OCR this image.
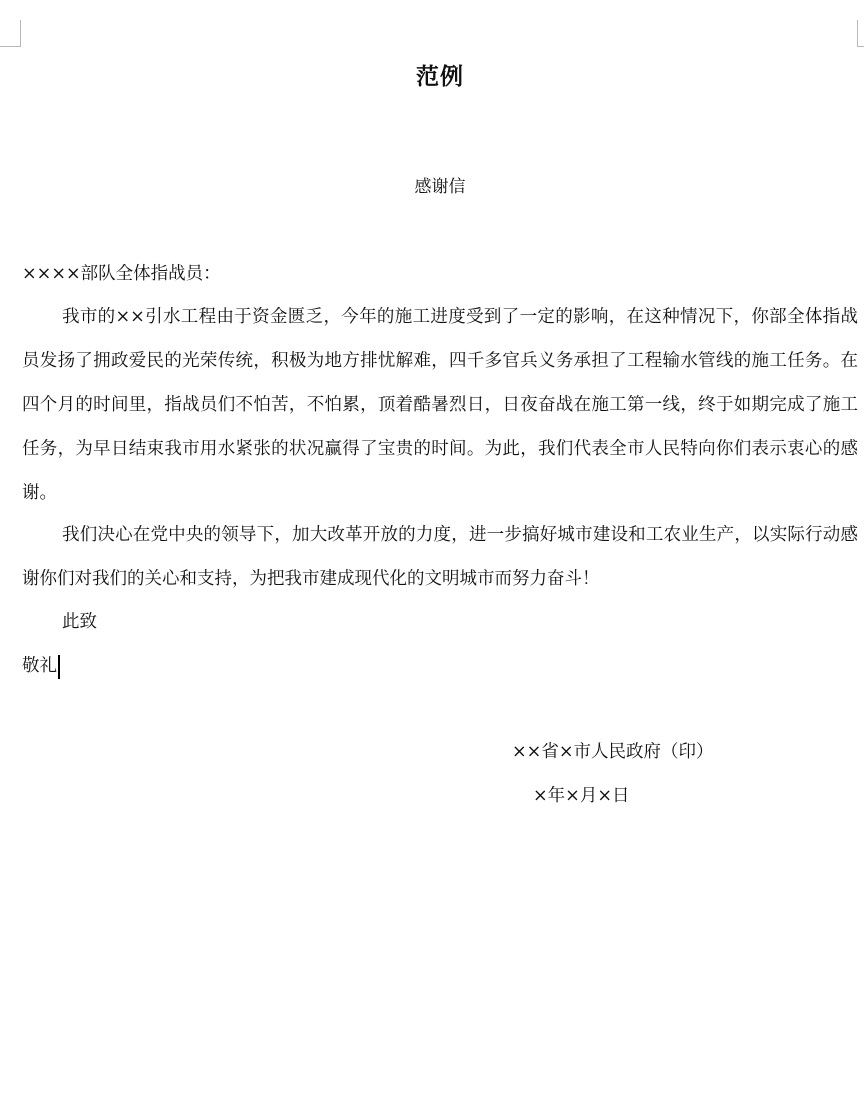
范例
感谢信
××××部队全体指战员：
我市的××引水工程由于资金匮乏，今年的施工进度受到了一定的影响，在这种情况下，你部全体指战员发扬了拥政爱民的光荣传统，积极为地方排忧解难，四千多官兵义务承担了工程输水管线的施工任务。在四个月的时间里，指战员们不怕苦，不怕累，顶着酷暑烈日，日夜奋战在施工第一线，终于如期完成了施工任务，为早日结束我市用水紧张的状况赢得了宝贵的时间。为此，我们代表全市人民特向你们表示衷心的感谢。
我们决心在党中央的领导下，加大改革开放的力度，进一步搞好城市建设和工农业生产，以实际行动感谢你们对我们的关心和支持，为把我市建成现代化的文明城市而努力奋斗！
此致
敬礼
××省×市人民政府（印）
×年×月×日
